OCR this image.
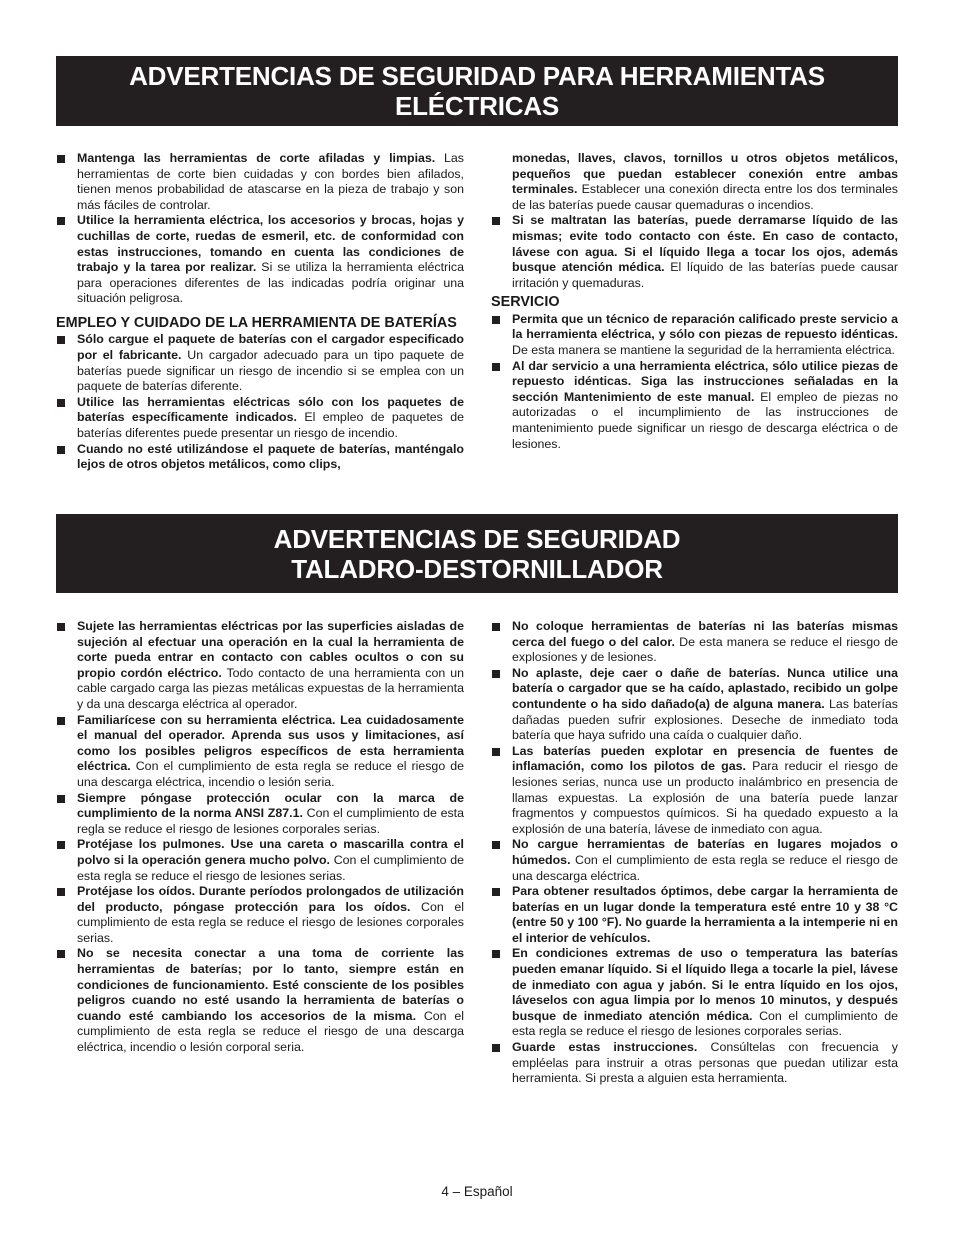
ADVERTENCIAS DE SEGURIDAD PARA HERRAMIENTAS
ELÉCTRICAS
Mantenga las herramientas de corte afiladas y limpias. Las herramientas de corte bien cuidadas y con bordes bien afilados, tienen menos probabilidad de atascarse en la pieza de trabajo y son más fáciles de controlar.
Utilice la herramienta eléctrica, los accesorios y brocas, hojas y cuchillas de corte, ruedas de esmeril, etc. de conformidad con estas instrucciones, tomando en cuenta las condiciones de trabajo y la tarea por realizar. Si se utiliza la herramienta eléctrica para operaciones diferentes de las indicadas podría originar una situación peligrosa.
EMPLEO Y CUIDADO DE LA HERRAMIENTA DE BATERÍAS
Sólo cargue el paquete de baterías con el cargador especificado por el fabricante. Un cargador adecuado para un tipo paquete de baterías puede significar un riesgo de incendio si se emplea con un paquete de baterías diferente.
Utilice las herramientas eléctricas sólo con los paquetes de baterías específicamente indicados. El empleo de paquetes de baterías diferentes puede presentar un riesgo de incendio.
Cuando no esté utilizándose el paquete de baterías, manténgalo lejos de otros objetos metálicos, como clips,
monedas, llaves, clavos, tornillos u otros objetos metálicos, pequeños que puedan establecer conexión entre ambas terminales. Establecer una conexión directa entre los dos terminales de las baterías puede causar quemaduras o incendios.
Si se maltratan las baterías, puede derramarse líquido de las mismas; evite todo contacto con éste. En caso de contacto, lávese con agua. Si el líquido llega a tocar los ojos, además busque atención médica. El líquido de las baterías puede causar irritación y quemaduras.
SERVICIO
Permita que un técnico de reparación calificado preste servicio a la herramienta eléctrica, y sólo con piezas de repuesto idénticas. De esta manera se mantiene la seguridad de la herramienta eléctrica.
Al dar servicio a una herramienta eléctrica, sólo utilice piezas de repuesto idénticas. Siga las instrucciones señaladas en la sección Mantenimiento de este manual. El empleo de piezas no autorizadas o el incumplimiento de las instrucciones de mantenimiento puede significar un riesgo de descarga eléctrica o de lesiones.
ADVERTENCIAS DE SEGURIDAD
TALADRO-DESTORNILLADOR
Sujete las herramientas eléctricas por las superficies aisladas de sujeción al efectuar una operación en la cual la herramienta de corte pueda entrar en contacto con cables ocultos o con su propio cordón eléctrico. Todo contacto de una herramienta con un cable cargado carga las piezas metálicas expuestas de la herramienta y da una descarga eléctrica al operador.
Familiarícese con su herramienta eléctrica. Lea cuidadosamente el manual del operador. Aprenda sus usos y limitaciones, así como los posibles peligros específicos de esta herramienta eléctrica. Con el cumplimiento de esta regla se reduce el riesgo de una descarga eléctrica, incendio o lesión seria.
Siempre póngase protección ocular con la marca de cumplimiento de la norma ANSI Z87.1. Con el cumplimiento de esta regla se reduce el riesgo de lesiones corporales serias.
Protéjase los pulmones. Use una careta o mascarilla contra el polvo si la operación genera mucho polvo. Con el cumplimiento de esta regla se reduce el riesgo de lesiones serias.
Protéjase los oídos. Durante períodos prolongados de utilización del producto, póngase protección para los oídos. Con el cumplimiento de esta regla se reduce el riesgo de lesiones corporales serias.
No se necesita conectar a una toma de corriente las herramientas de baterías; por lo tanto, siempre están en condiciones de funcionamiento. Esté consciente de los posibles peligros cuando no esté usando la herramienta de baterías o cuando esté cambiando los accesorios de la misma. Con el cumplimiento de esta regla se reduce el riesgo de una descarga eléctrica, incendio o lesión corporal seria.
No coloque herramientas de baterías ni las baterías mismas cerca del fuego o del calor. De esta manera se reduce el riesgo de explosiones y de lesiones.
No aplaste, deje caer o dañe de baterías. Nunca utilice una batería o cargador que se ha caído, aplastado, recibido un golpe contundente o ha sido dañado(a) de alguna manera. Las baterías dañadas pueden sufrir explosiones. Deseche de inmediato toda batería que haya sufrido una caída o cualquier daño.
Las baterías pueden explotar en presencia de fuentes de inflamación, como los pilotos de gas. Para reducir el riesgo de lesiones serias, nunca use un producto inalámbrico en presencia de llamas expuestas. La explosión de una batería puede lanzar fragmentos y compuestos químicos. Si ha quedado expuesto a la explosión de una batería, lávese de inmediato con agua.
No cargue herramientas de baterías en lugares mojados o húmedos. Con el cumplimiento de esta regla se reduce el riesgo de una descarga eléctrica.
Para obtener resultados óptimos, debe cargar la herramienta de baterías en un lugar donde la temperatura esté entre 10 y 38 °C (entre 50 y 100 °F). No guarde la herramienta a la intemperie ni en el interior de vehículos.
En condiciones extremas de uso o temperatura las baterías pueden emanar líquido. Si el líquido llega a tocarle la piel, lávese de inmediato con agua y jabón. Si le entra líquido en los ojos, láveselos con agua limpia por lo menos 10 minutos, y después busque de inmediato atención médica. Con el cumplimiento de esta regla se reduce el riesgo de lesiones corporales serias.
Guarde estas instrucciones. Consúltelas con frecuencia y empléelas para instruir a otras personas que puedan utilizar esta herramienta. Si presta a alguien esta herramienta.
4 – Español
